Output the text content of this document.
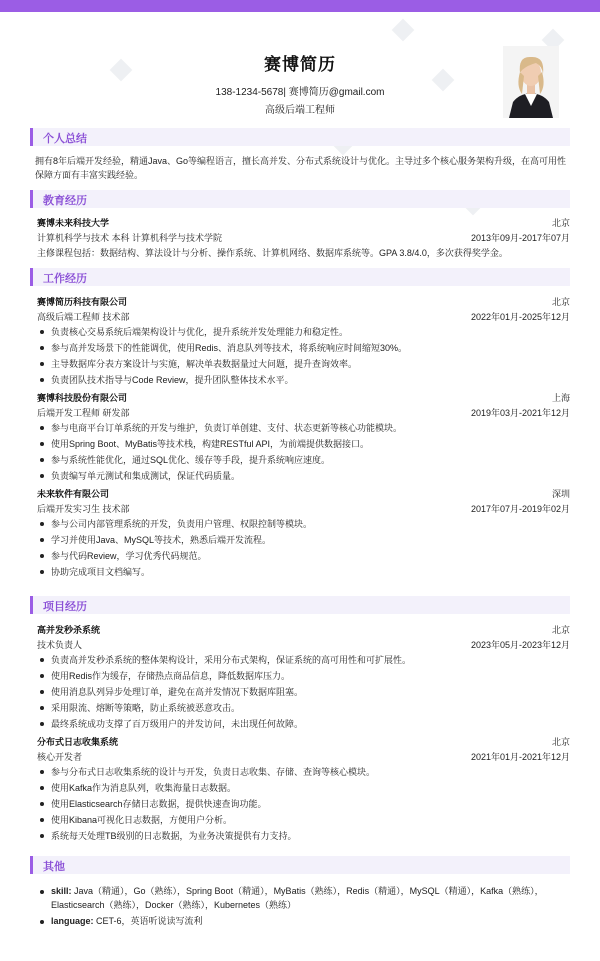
赛博简历
138-1234-5678| 赛博简历@gmail.com
高级后端工程师
个人总结
拥有8年后端开发经验，精通Java、Go等编程语言，擅长高并发、分布式系统设计与优化。主导过多个核心服务架构升级，在高可用性保障方面有丰富实践经验。
教育经历
赛博未来科技大学	北京
计算机科学与技术 本科 计算机科学与技术学院	2013年09月-2017年07月
主修课程包括：数据结构、算法设计与分析、操作系统、计算机网络、数据库系统等。GPA 3.8/4.0，多次获得奖学金。
工作经历
赛博简历科技有限公司	北京
高级后端工程师 技术部	2022年01月-2025年12月
负责核心交易系统后端架构设计与优化，提升系统并发处理能力和稳定性。
参与高并发场景下的性能调优，使用Redis、消息队列等技术，将系统响应时间缩短30%。
主导数据库分表方案设计与实施，解决单表数据量过大问题，提升查询效率。
负责团队技术指导与Code Review，提升团队整体技术水平。
赛博科技股份有限公司	上海
后端开发工程师 研发部	2019年03月-2021年12月
参与电商平台订单系统的开发与维护，负责订单创建、支付、状态更新等核心功能模块。
使用Spring Boot、MyBatis等技术栈，构建RESTful API，为前端提供数据接口。
参与系统性能优化，通过SQL优化、缓存等手段，提升系统响应速度。
负责编写单元测试和集成测试，保证代码质量。
未来软件有限公司	深圳
后端开发实习生 技术部	2017年07月-2019年02月
参与公司内部管理系统的开发，负责用户管理、权限控制等模块。
学习并使用Java、MySQL等技术，熟悉后端开发流程。
参与代码Review，学习优秀代码规范。
协助完成项目文档编写。
项目经历
高并发秒杀系统	北京
技术负责人	2023年05月-2023年12月
负责高并发秒杀系统的整体架构设计，采用分布式架构，保证系统的高可用性和可扩展性。
使用Redis作为缓存，存储热点商品信息，降低数据库压力。
使用消息队列异步处理订单，避免在高并发情况下数据库阻塞。
采用限流、熔断等策略，防止系统被恶意攻击。
最终系统成功支撑了百万级用户的并发访问，未出现任何故障。
分布式日志收集系统	北京
核心开发者	2021年01月-2021年12月
参与分布式日志收集系统的设计与开发，负责日志收集、存储、查询等核心模块。
使用Kafka作为消息队列，收集海量日志数据。
使用Elasticsearch存储日志数据，提供快速查询功能。
使用Kibana可视化日志数据，方便用户分析。
系统每天处理TB级别的日志数据，为业务决策提供有力支持。
其他
skill: Java（精通），Go（熟练），Spring Boot（精通），MyBatis（熟练），Redis（精通），MySQL（精通），Kafka（熟练），Elasticsearch（熟练），Docker（熟练），Kubernetes（熟练）
language: CET-6，英语听说读写流利
